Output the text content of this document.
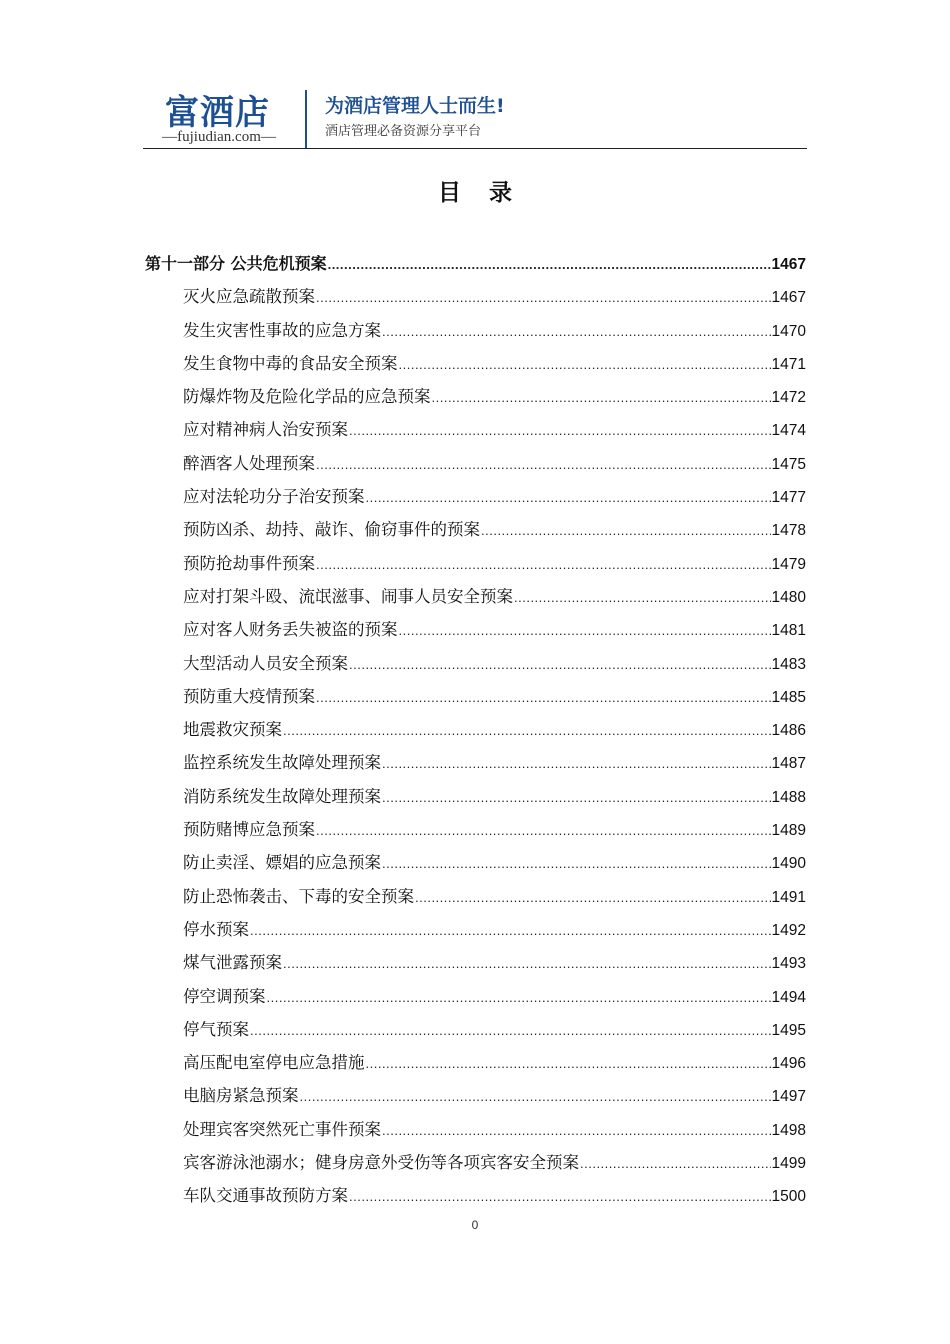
富酒店
—fujiudian.com—
为酒店管理人士而生!
酒店管理必备资源分享平台
目录
第十一部分 公共危机预案 .....	1467
灭火应急疏散预案 .....	1467
发生灾害性事故的应急方案 .....	1470
发生食物中毒的食品安全预案 .....	1471
防爆炸物及危险化学品的应急预案 .....	1472
应对精神病人治安预案 .....	1474
醉酒客人处理预案 .....	1475
应对法轮功分子治安预案 .....	1477
预防凶杀、劫持、敲诈、偷窃事件的预案 .....	1478
预防抢劫事件预案 .....	1479
应对打架斗殴、流氓滋事、闹事人员安全预案 .....	1480
应对客人财务丢失被盗的预案 .....	1481
大型活动人员安全预案 .....	1483
预防重大疫情预案 .....	1485
地震救灾预案 .....	1486
监控系统发生故障处理预案 .....	1487
消防系统发生故障处理预案 .....	1488
预防赌博应急预案 .....	1489
防止卖淫、嫖娼的应急预案 .....	1490
防止恐怖袭击、下毒的安全预案 .....	1491
停水预案 .....	1492
煤气泄露预案 .....	1493
停空调预案 .....	1494
停气预案 .....	1495
高压配电室停电应急措施 .....	1496
电脑房紧急预案 .....	1497
处理宾客突然死亡事件预案 .....	1498
宾客游泳池溺水；健身房意外受伤等各项宾客安全预案 .....	1499
车队交通事故预防方案 .....	1500
0
